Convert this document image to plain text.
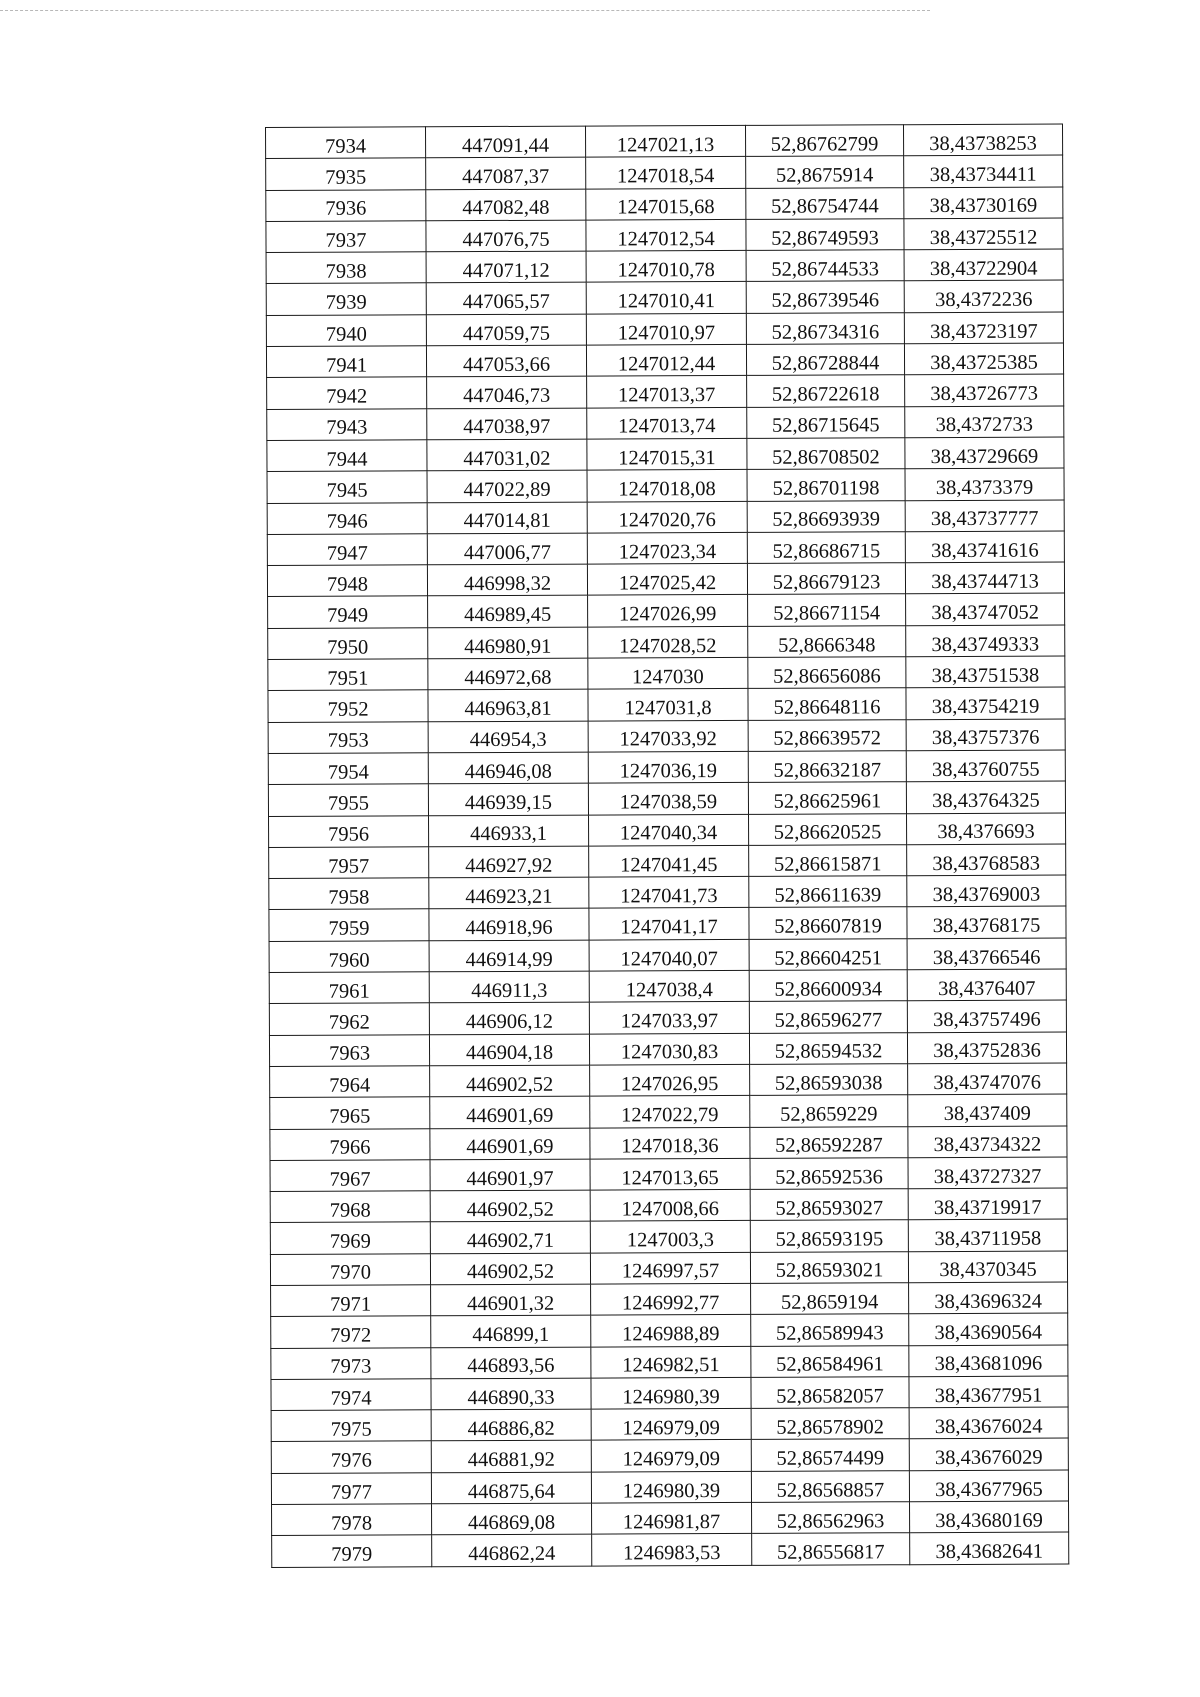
7934	447091,44	1247021,13	52,86762799	38,43738253
7935	447087,37	1247018,54	52,8675914	38,43734411
7936	447082,48	1247015,68	52,86754744	38,43730169
7937	447076,75	1247012,54	52,86749593	38,43725512
7938	447071,12	1247010,78	52,86744533	38,43722904
7939	447065,57	1247010,41	52,86739546	38,4372236
7940	447059,75	1247010,97	52,86734316	38,43723197
7941	447053,66	1247012,44	52,86728844	38,43725385
7942	447046,73	1247013,37	52,86722618	38,43726773
7943	447038,97	1247013,74	52,86715645	38,4372733
7944	447031,02	1247015,31	52,86708502	38,43729669
7945	447022,89	1247018,08	52,86701198	38,4373379
7946	447014,81	1247020,76	52,86693939	38,43737777
7947	447006,77	1247023,34	52,86686715	38,43741616
7948	446998,32	1247025,42	52,86679123	38,43744713
7949	446989,45	1247026,99	52,86671154	38,43747052
7950	446980,91	1247028,52	52,8666348	38,43749333
7951	446972,68	1247030	52,86656086	38,43751538
7952	446963,81	1247031,8	52,86648116	38,43754219
7953	446954,3	1247033,92	52,86639572	38,43757376
7954	446946,08	1247036,19	52,86632187	38,43760755
7955	446939,15	1247038,59	52,86625961	38,43764325
7956	446933,1	1247040,34	52,86620525	38,4376693
7957	446927,92	1247041,45	52,86615871	38,43768583
7958	446923,21	1247041,73	52,86611639	38,43769003
7959	446918,96	1247041,17	52,86607819	38,43768175
7960	446914,99	1247040,07	52,86604251	38,43766546
7961	446911,3	1247038,4	52,86600934	38,4376407
7962	446906,12	1247033,97	52,86596277	38,43757496
7963	446904,18	1247030,83	52,86594532	38,43752836
7964	446902,52	1247026,95	52,86593038	38,43747076
7965	446901,69	1247022,79	52,8659229	38,437409
7966	446901,69	1247018,36	52,86592287	38,43734322
7967	446901,97	1247013,65	52,86592536	38,43727327
7968	446902,52	1247008,66	52,86593027	38,43719917
7969	446902,71	1247003,3	52,86593195	38,43711958
7970	446902,52	1246997,57	52,86593021	38,4370345
7971	446901,32	1246992,77	52,8659194	38,43696324
7972	446899,1	1246988,89	52,86589943	38,43690564
7973	446893,56	1246982,51	52,86584961	38,43681096
7974	446890,33	1246980,39	52,86582057	38,43677951
7975	446886,82	1246979,09	52,86578902	38,43676024
7976	446881,92	1246979,09	52,86574499	38,43676029
7977	446875,64	1246980,39	52,86568857	38,43677965
7978	446869,08	1246981,87	52,86562963	38,43680169
7979	446862,24	1246983,53	52,86556817	38,43682641
